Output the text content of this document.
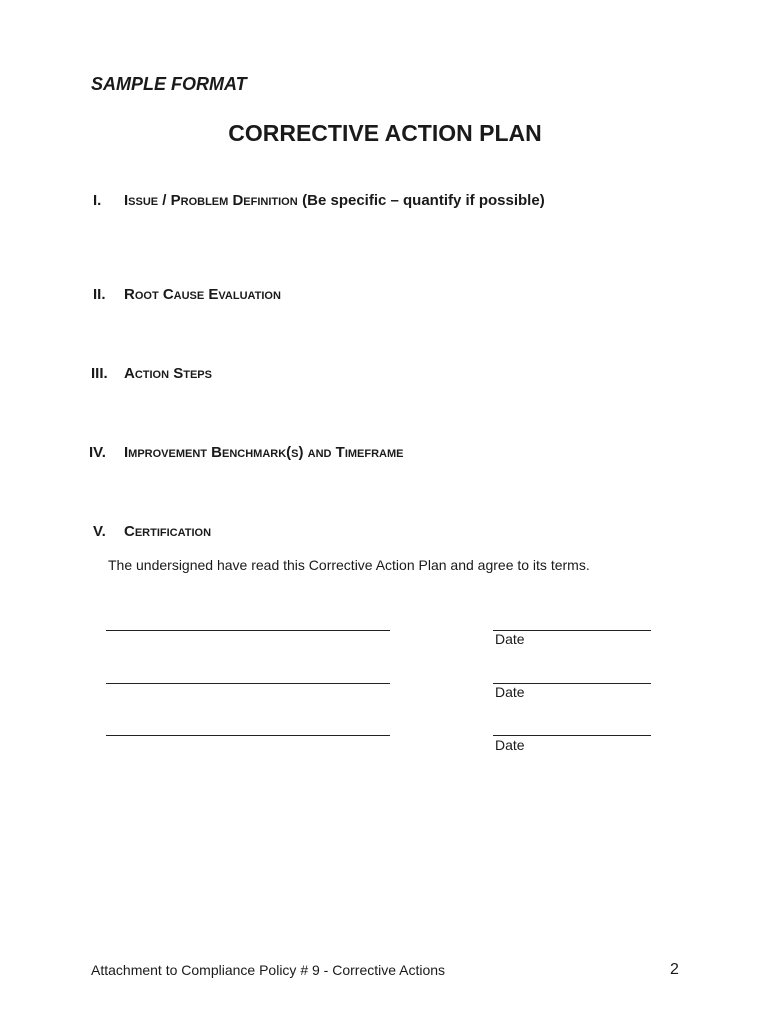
SAMPLE FORMAT
CORRECTIVE ACTION PLAN
I. Issue / Problem Definition (Be specific – quantify if possible)
II. Root Cause Evaluation
III. Action Steps
IV. Improvement Benchmark(s) and Timeframe
V. Certification
The undersigned have read this Corrective Action Plan and agree to its terms.
Date
Date
Date
Attachment to Compliance Policy # 9 - Corrective Actions	2
